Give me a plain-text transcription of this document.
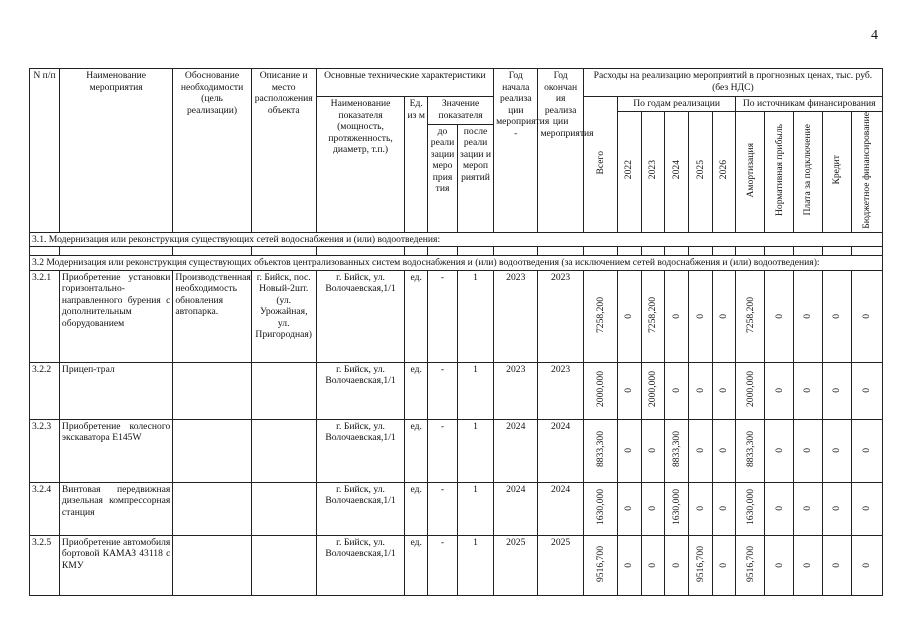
4
N п/п	Наименование мероприятия	Обоснование необходимости (цель реализации)	Описание и место расположения объекта	Основные технические характеристики				Год начала реализа ции мероприятия -	Год окончан ия реализа ции мероприятия	Расходы на реализацию мероприятий в прогнозных ценах, тыс. руб. (без НДС)										
				Наименование показателя (мощность, протяженность, диаметр, т.п.)	Ед. из м	Значение показателя				Всего	По годам реализации					По источникам финансирования				
											2022	2023	2024	2025	2026	Амортизация	Нормативная прибыль	Плата за подключение	Кредит	Бюджетное финансирование
						до реали зации меро прия тия	после реали зации и мероп риятий													
3.1. Модернизация или реконструкция существующих сетей водоснабжения и (или) водоотведения:																				

3.2 Модернизация или реконструкция существующих объектов централизованных систем водоснабжения и (или) водоотведения (за исключением сетей водоснабжения и (или) водоотведения):																				
3.2.1	Приобретение установки горизонтально-направленного бурения с дополнительным оборудованием	Производственная необходимость обновления автопарка.	г. Бийск, пос. Новый-2шт. (ул. Урожайная, ул. Пригородная)	г. Бийск, ул. Волочаевская,1/1	ед.	-	1	2023	2023	7258,200	0	7258,200	0	0	0	7258,200	0	0	0	0
3.2.2	Прицеп-трал			г. Бийск, ул. Волочаевская,1/1	ед.	-	1	2023	2023	2000,000	0	2000,000	0	0	0	2000,000	0	0	0	0
3.2.3	Приобретение колесного экскаватора E145W			г. Бийск, ул. Волочаевская,1/1	ед.	-	1	2024	2024	8833,300	0	0	8833,300	0	0	8833,300	0	0	0	0
3.2.4	Винтовая передвижная дизельная компрессорная станция			г. Бийск, ул. Волочаевская,1/1	ед.	-	1	2024	2024	1630,000	0	0	1630,000	0	0	1630,000	0	0	0	0
3.2.5	Приобретение автомобиля бортовой КАМАЗ 43118 с КМУ			г. Бийск, ул. Волочаевская,1/1	ед.	-	1	2025	2025	9516,700	0	0	0	9516,700	0	9516,700	0	0	0	0
